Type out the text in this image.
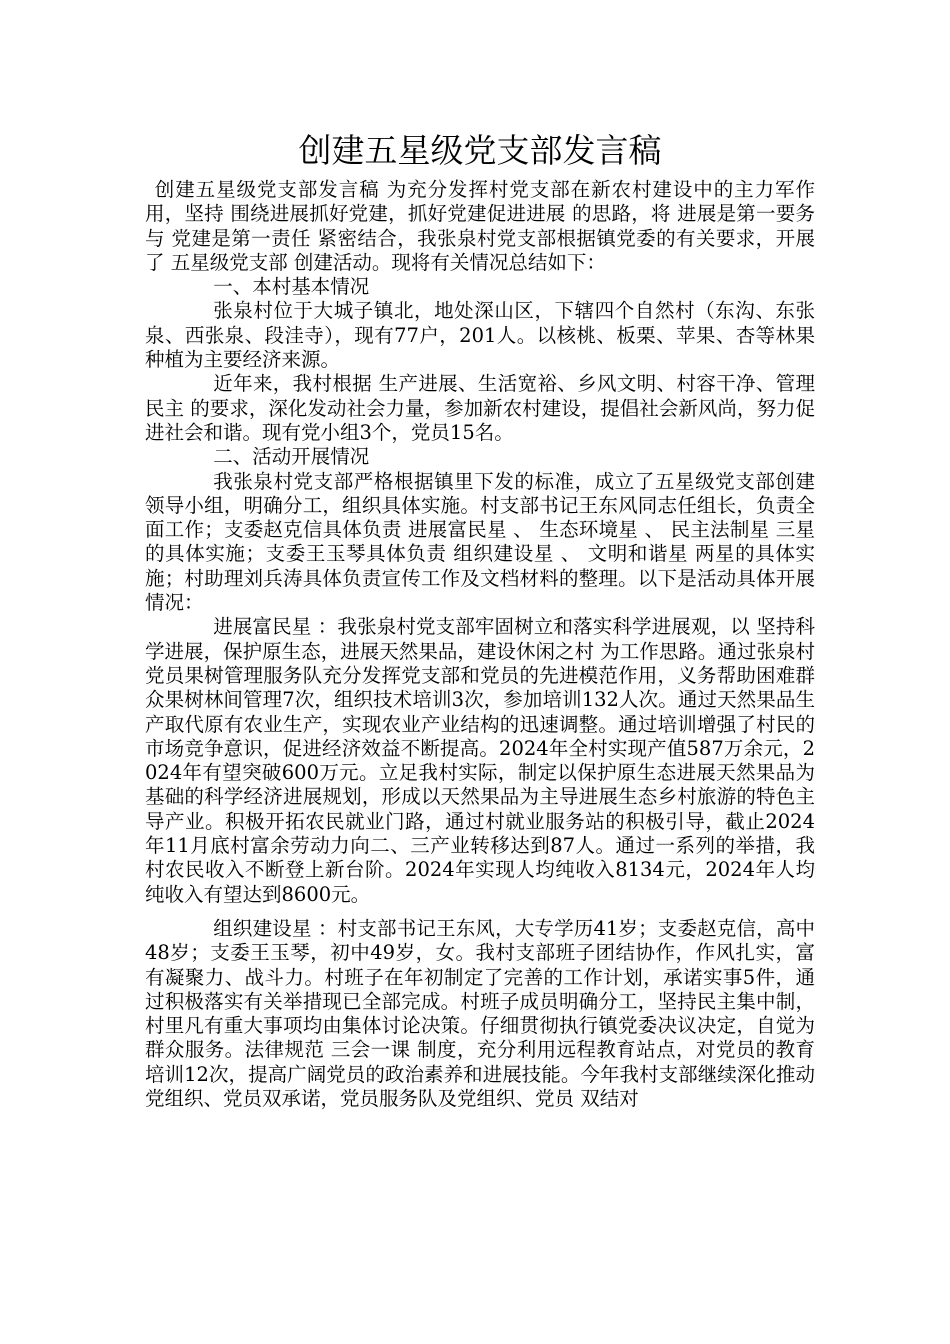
创建五星级党支部发言稿

创建五星级党支部发言稿 为充分发挥村党支部在新农村建设中的主力军作用，坚持 围绕进展抓好党建，抓好党建促进进展 的思路，将 进展是第一要务 与 党建是第一责任 紧密结合，我张泉村党支部根据镇党委的有关要求，开展了 五星级党支部 创建活动。现将有关情况总结如下：

一、本村基本情况

张泉村位于大城子镇北，地处深山区，下辖四个自然村（东沟、东张泉、西张泉、段洼寺），现有77户，201人。以核桃、板栗、苹果、杏等林果种植为主要经济来源。

近年来，我村根据 生产进展、生活宽裕、乡风文明、村容干净、管理民主 的要求，深化发动社会力量，参加新农村建设，提倡社会新风尚，努力促进社会和谐。现有党小组3个，党员15名。

二、活动开展情况

我张泉村党支部严格根据镇里下发的标准，成立了五星级党支部创建领导小组，明确分工，组织具体实施。村支部书记王东风同志任组长，负责全面工作；支委赵克信具体负责 进展富民星 、 生态环境星 、 民主法制星 三星的具体实施；支委王玉琴具体负责 组织建设星 、 文明和谐星 两星的具体实施；村助理刘兵涛具体负责宣传工作及文档材料的整理。以下是活动具体开展情况：

进展富民星 ：我张泉村党支部牢固树立和落实科学进展观，以 坚持科学进展，保护原生态，进展天然果品，建设休闲之村 为工作思路。通过张泉村党员果树管理服务队充分发挥党支部和党员的先进模范作用，义务帮助困难群众果树林间管理7次，组织技术培训3次，参加培训132人次。通过天然果品生产取代原有农业生产，实现农业产业结构的迅速调整。通过培训增强了村民的市场竞争意识，促进经济效益不断提高。2024年全村实现产值587万余元，2024年有望突破600万元。立足我村实际，制定以保护原生态进展天然果品为基础的科学经济进展规划，形成以天然果品为主导进展生态乡村旅游的特色主导产业。积极开拓农民就业门路，通过村就业服务站的积极引导，截止2024年11月底村富余劳动力向二、三产业转移达到87人。通过一系列的举措，我村农民收入不断登上新台阶。2024年实现人均纯收入8134元，2024年人均纯收入有望达到8600元。

组织建设星 ：村支部书记王东风，大专学历41岁；支委赵克信，高中48岁；支委王玉琴，初中49岁，女。我村支部班子团结协作，作风扎实，富有凝聚力、战斗力。村班子在年初制定了完善的工作计划，承诺实事5件，通过积极落实有关举措现已全部完成。村班子成员明确分工，坚持民主集中制，村里凡有重大事项均由集体讨论决策。仔细贯彻执行镇党委决议决定，自觉为群众服务。法律规范 三会一课 制度，充分利用远程教育站点，对党员的教育培训12次，提高广阔党员的政治素养和进展技能。今年我村支部继续深化推动党组织、党员双承诺，党员服务队及党组织、党员 双结对
